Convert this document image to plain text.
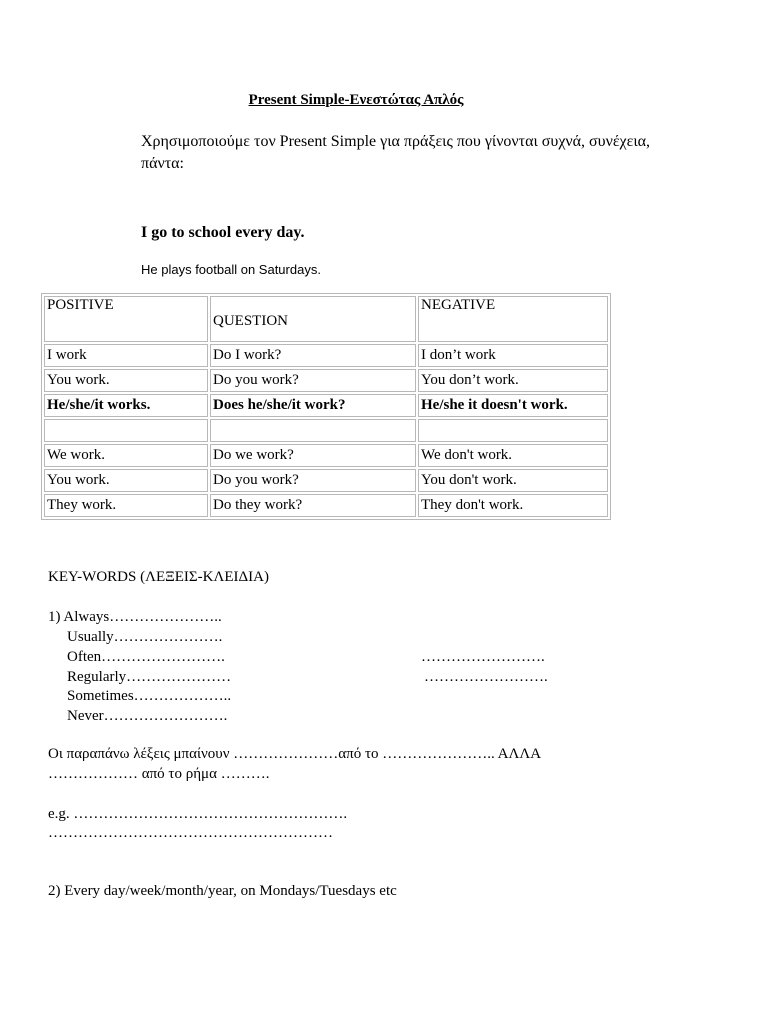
Present Simple-Ενεστώτας Απλός
Χρησιμοποιούμε τον Present Simple για πράξεις που γίνονται συχνά, συνέχεια, πάντα:
I go to school every day.
He plays football on Saturdays.
POSITIVE	QUESTION	NEGATIVE
I work	Do I work?	I don’t work
You work.	Do you work?	You don’t work.
He/she/it works.	Does he/she/it work?	He/she it doesn't work.

We work.	Do we work?	We don't work.
You work.	Do you work?	You don't work.
They work.	Do they work?	They don't work.
KEY-WORDS (ΛΕΞΕΙΣ-ΚΛΕΙΔΙΑ)
1) Always…………………..
Usually………………….
Often…………………….
Regularly…………………
Sometimes………………..
Never…………………….
…………………….
…………………….
Οι παραπάνω λέξεις μπαίνουν …………………από το ………………….. ΑΛΛΑ
……………… από το ρήμα ……….
e.g. ……………………………………………….
…………………………………………………
2) Every day/week/month/year, on Mondays/Tuesdays etc
